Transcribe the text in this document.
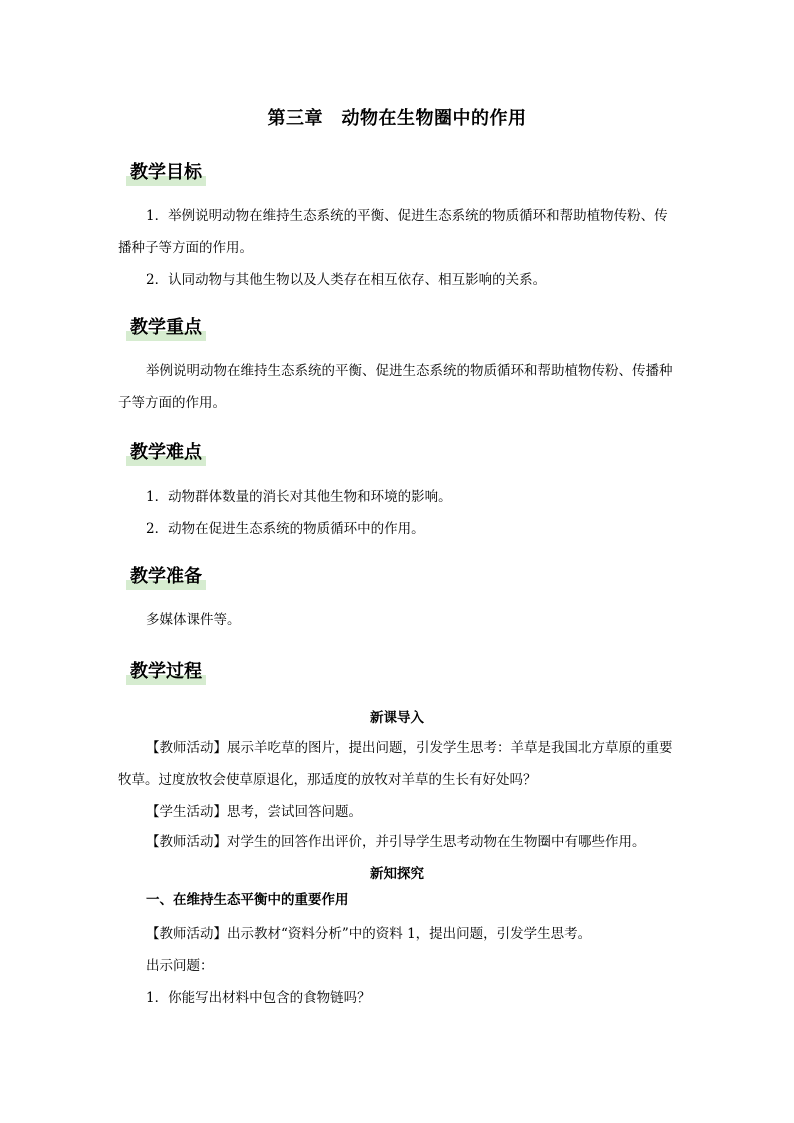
第三章　动物在生物圈中的作用
教学目标
1．举例说明动物在维持生态系统的平衡、促进生态系统的物质循环和帮助植物传粉、传播种子等方面的作用。
2．认同动物与其他生物以及人类存在相互依存、相互影响的关系。
教学重点
举例说明动物在维持生态系统的平衡、促进生态系统的物质循环和帮助植物传粉、传播种子等方面的作用。
教学难点
1．动物群体数量的消长对其他生物和环境的影响。
2．动物在促进生态系统的物质循环中的作用。
教学准备
多媒体课件等。
教学过程
新课导入
【教师活动】展示羊吃草的图片，提出问题，引发学生思考：羊草是我国北方草原的重要牧草。过度放牧会使草原退化，那适度的放牧对羊草的生长有好处吗？
【学生活动】思考，尝试回答问题。
【教师活动】对学生的回答作出评价，并引导学生思考动物在生物圈中有哪些作用。
新知探究
一、在维持生态平衡中的重要作用
【教师活动】出示教材“资料分析”中的资料 1，提出问题，引发学生思考。
出示问题：
1．你能写出材料中包含的食物链吗？
